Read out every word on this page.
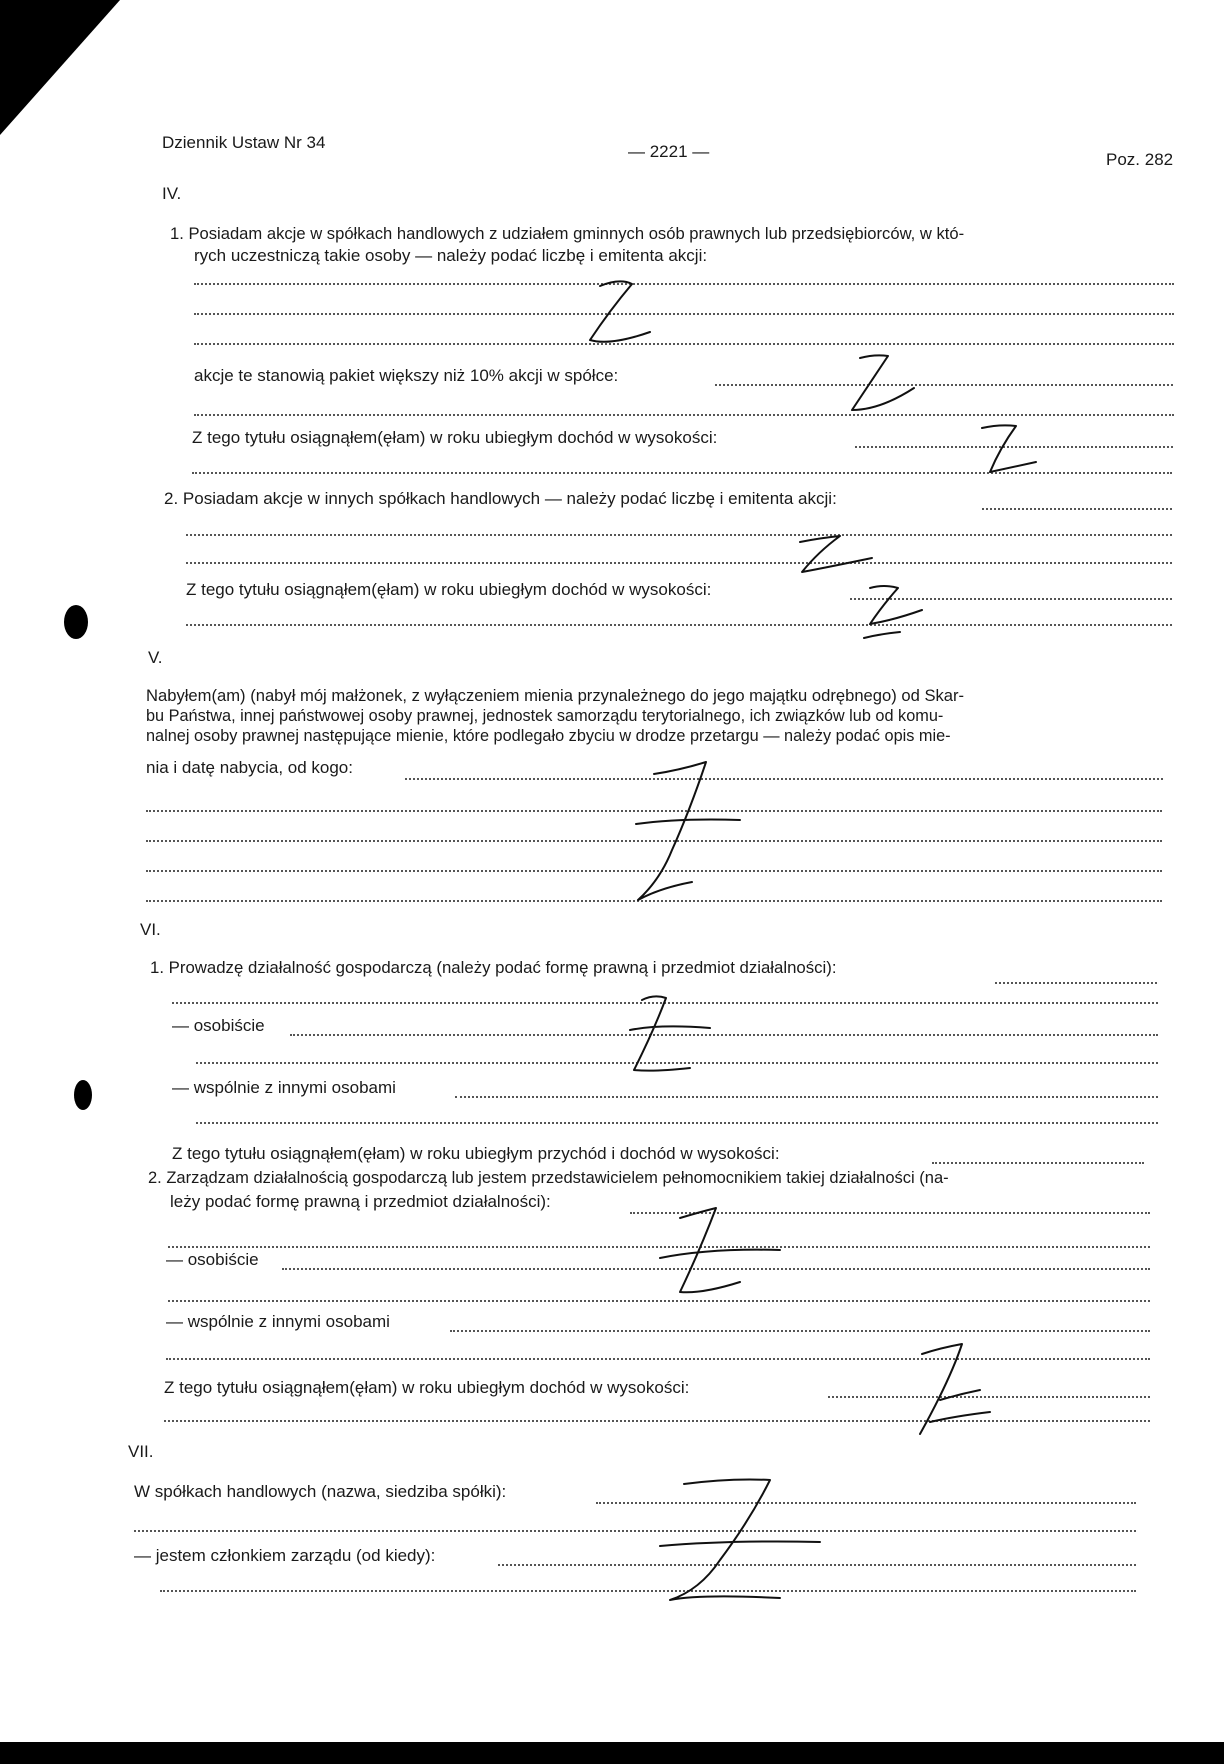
Dziennik Ustaw Nr 34	— 2221 —	Poz. 282
IV.
1. Posiadam akcje w spółkach handlowych z udziałem gminnych osób prawnych lub przedsiębiorców, w któ-
rych uczestniczą takie osoby — należy podać liczbę i emitenta akcji:
akcje te stanowią pakiet większy niż 10% akcji w spółce:
Z tego tytułu osiągnąłem(ęłam) w roku ubiegłym dochód w wysokości:
2. Posiadam akcje w innych spółkach handlowych — należy podać liczbę i emitenta akcji:
Z tego tytułu osiągnąłem(ęłam) w roku ubiegłym dochód w wysokości:
V.
Nabyłem(am) (nabył mój małżonek, z wyłączeniem mienia przynależnego do jego majątku odrębnego) od Skar-
bu Państwa, innej państwowej osoby prawnej, jednostek samorządu terytorialnego, ich związków lub od komu-
nalnej osoby prawnej następujące mienie, które podlegało zbyciu w drodze przetargu — należy podać opis mie-
nia i datę nabycia, od kogo:
VI.
1. Prowadzę działalność gospodarczą (należy podać formę prawną i przedmiot działalności):
— osobiście
— wspólnie z innymi osobami
Z tego tytułu osiągnąłem(ęłam) w roku ubiegłym przychód i dochód w wysokości:
2. Zarządzam działalnością gospodarczą lub jestem przedstawicielem pełnomocnikiem takiej działalności (na-
leży podać formę prawną i przedmiot działalności):
— osobiście
— wspólnie z innymi osobami
Z tego tytułu osiągnąłem(ęłam) w roku ubiegłym dochód w wysokości:
VII.
W spółkach handlowych (nazwa, siedziba spółki):
— jestem członkiem zarządu (od kiedy):
